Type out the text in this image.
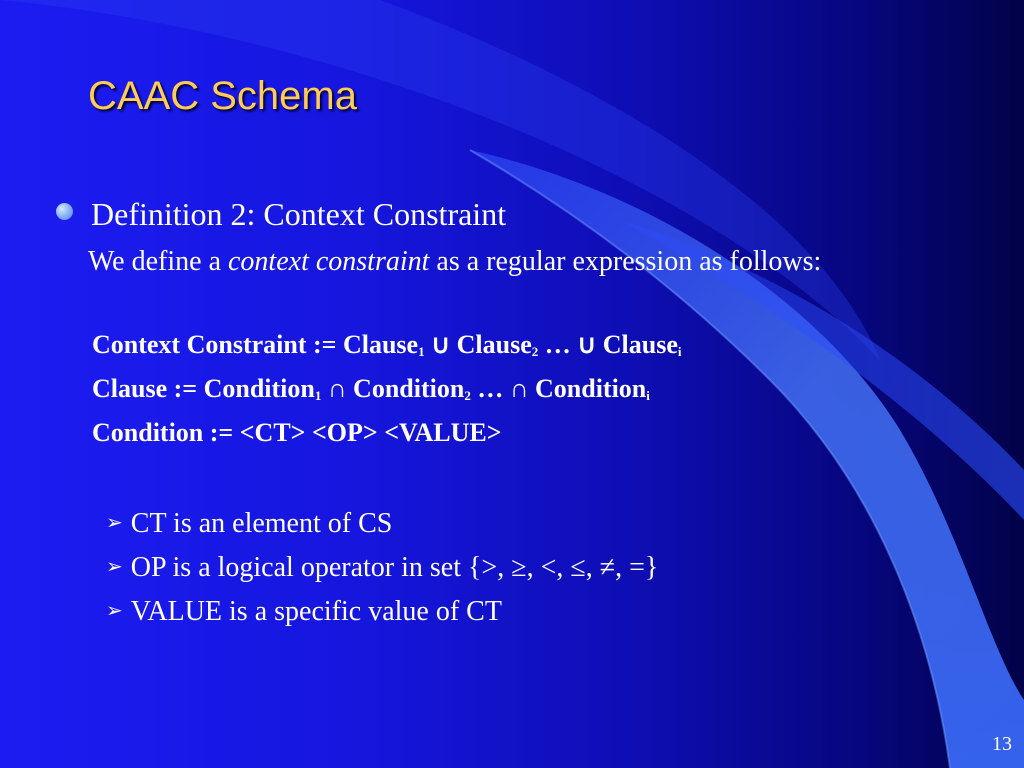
CAAC Schema
Definition 2: Context Constraint
We define a context constraint as a regular expression as follows:
Context Constraint := Clause$_1$ ∪ Clause$_2$ … ∪ Clause$_i$
Clause := Condition$_1$ ∩ Condition$_2$ … ∩ Condition$_i$
Condition := <CT> <OP> <VALUE>
➢ CT is an element of CS
➢ OP is a logical operator in set {>, ≥, <, ≤, ≠, =}
➢ VALUE is a specific value of CT
13
